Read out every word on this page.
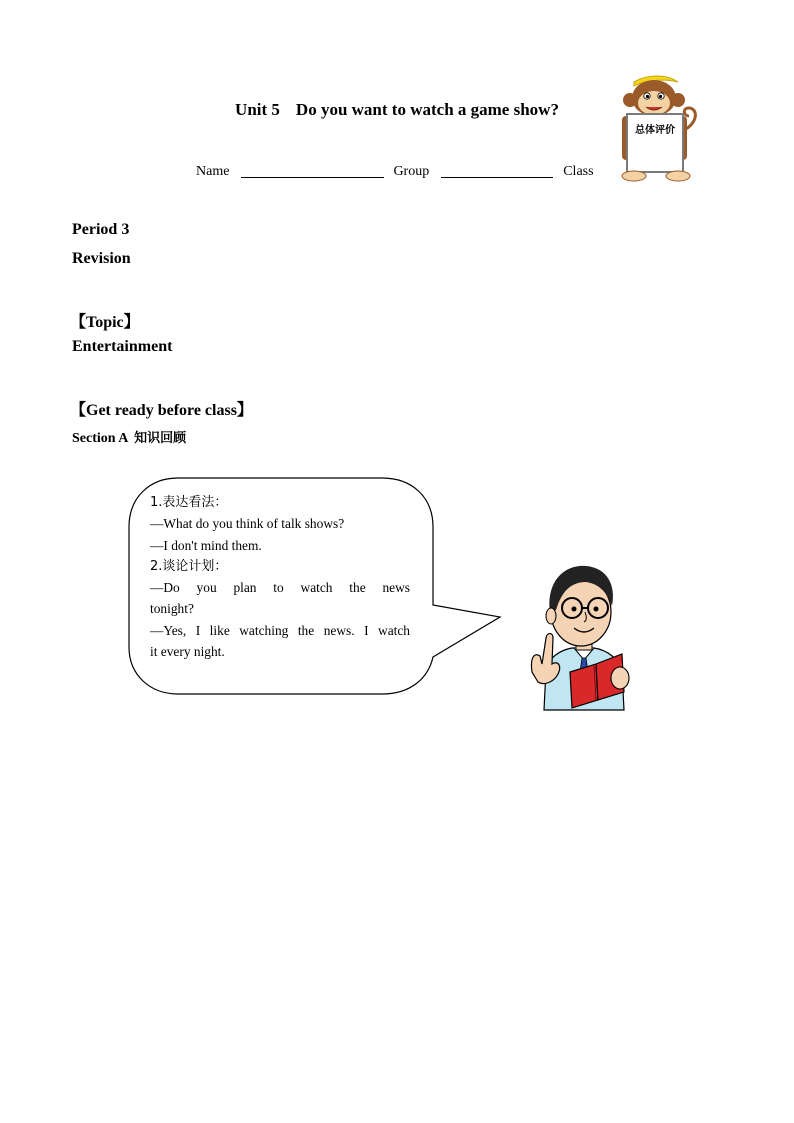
Unit 5 Do you want to watch a game show?
总体评价
Name	Group	Class
Period 3
Revision
【Topic】
Entertainment
【Get ready before class】
Section A 知识回顾

1.表达看法：

—What do you think of talk shows?

—I don't mind them.

2.谈论计划：

—Do you plan to watch the news

tonight?

—Yes, I like watching the news. I watch

it every night.
